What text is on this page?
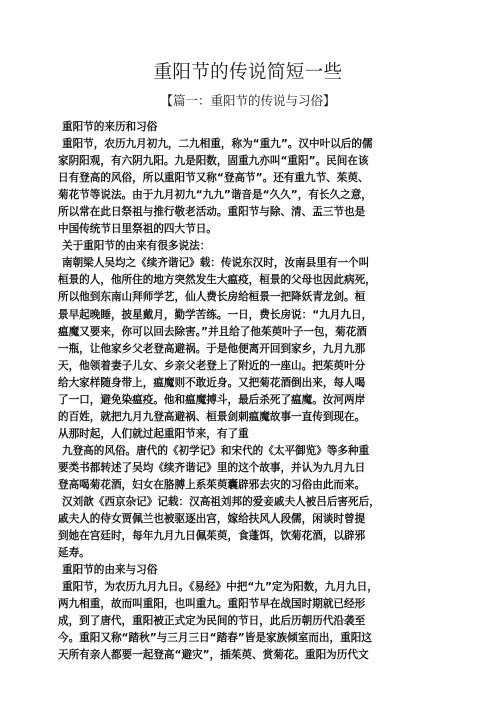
重阳节的传说简短一些
【篇一：重阳节的传说与习俗】
重阳节的来历和习俗
重阳节，农历九月初九，二九相重，称为“重九”。汉中叶以后的儒
家阴阳观，有六阴九阳。九是阳数，固重九亦叫“重阳”。民间在该
日有登高的风俗，所以重阳节又称“登高节”。还有重九节、茱萸、
菊花节等说法。由于九月初九“九九”谐音是“久久”，有长久之意，
所以常在此日祭祖与推行敬老活动。重阳节与除、清、盂三节也是
中国传统节日里祭祖的四大节日。
关于重阳节的由来有很多说法：
南朝梁人吴均之《续齐谐记》载：传说东汉时，汝南县里有一个叫
桓景的人，他所住的地方突然发生大瘟疫，桓景的父母也因此病死，
所以他到东南山拜师学艺，仙人费长房给桓景一把降妖青龙剑。桓
景早起晚睡，披星戴月，勤学苦练。一日，费长房说：“九月九日，
瘟魔又要来，你可以回去除害。”并且给了他茱萸叶子一包，菊花酒
一瓶，让他家乡父老登高避祸。于是他便离开回到家乡，九月九那
天，他领着妻子儿女、乡亲父老登上了附近的一座山。把茱萸叶分
给大家样随身带上，瘟魔则不敢近身。又把菊花酒倒出来，每人喝
了一口，避免染瘟疫。他和瘟魔搏斗，最后杀死了瘟魔。汝河两岸
的百姓，就把九月九登高避祸、桓景剑刺瘟魔故事一直传到现在。
从那时起，人们就过起重阳节来，有了重
九登高的风俗。唐代的《初学记》和宋代的《太平御览》等多种重
要类书都转述了吴均《续齐谐记》里的这个故事，并认为九月九日
登高喝菊花酒，妇女在胳膊上系茱萸囊辟邪去灾的习俗由此而来。
汉刘歆《西京杂记》记载：汉高祖刘邦的爱妾戚夫人被吕后害死后，
戚夫人的侍女贾佩兰也被驱逐出宫，嫁给扶风人段儒，闲谈时曾提
到她在宫廷时，每年九月九日佩茱萸，食蓬饵，饮菊花酒，以辟邪
延寿。
重阳节的由来与习俗
重阳节，为农历九月九日。《易经》中把“九”定为阳数，九月九日，
两九相重，故而叫重阳，也叫重九。重阳节早在战国时期就已经形
成，到了唐代，重阳被正式定为民间的节日，此后历朝历代沿袭至
今。重阳又称“踏秋”与三月三日“踏春”皆是家族倾室而出，重阳这
天所有亲人都要一起登高“避灾”，插茱萸、赏菊花。重阳为历代文
